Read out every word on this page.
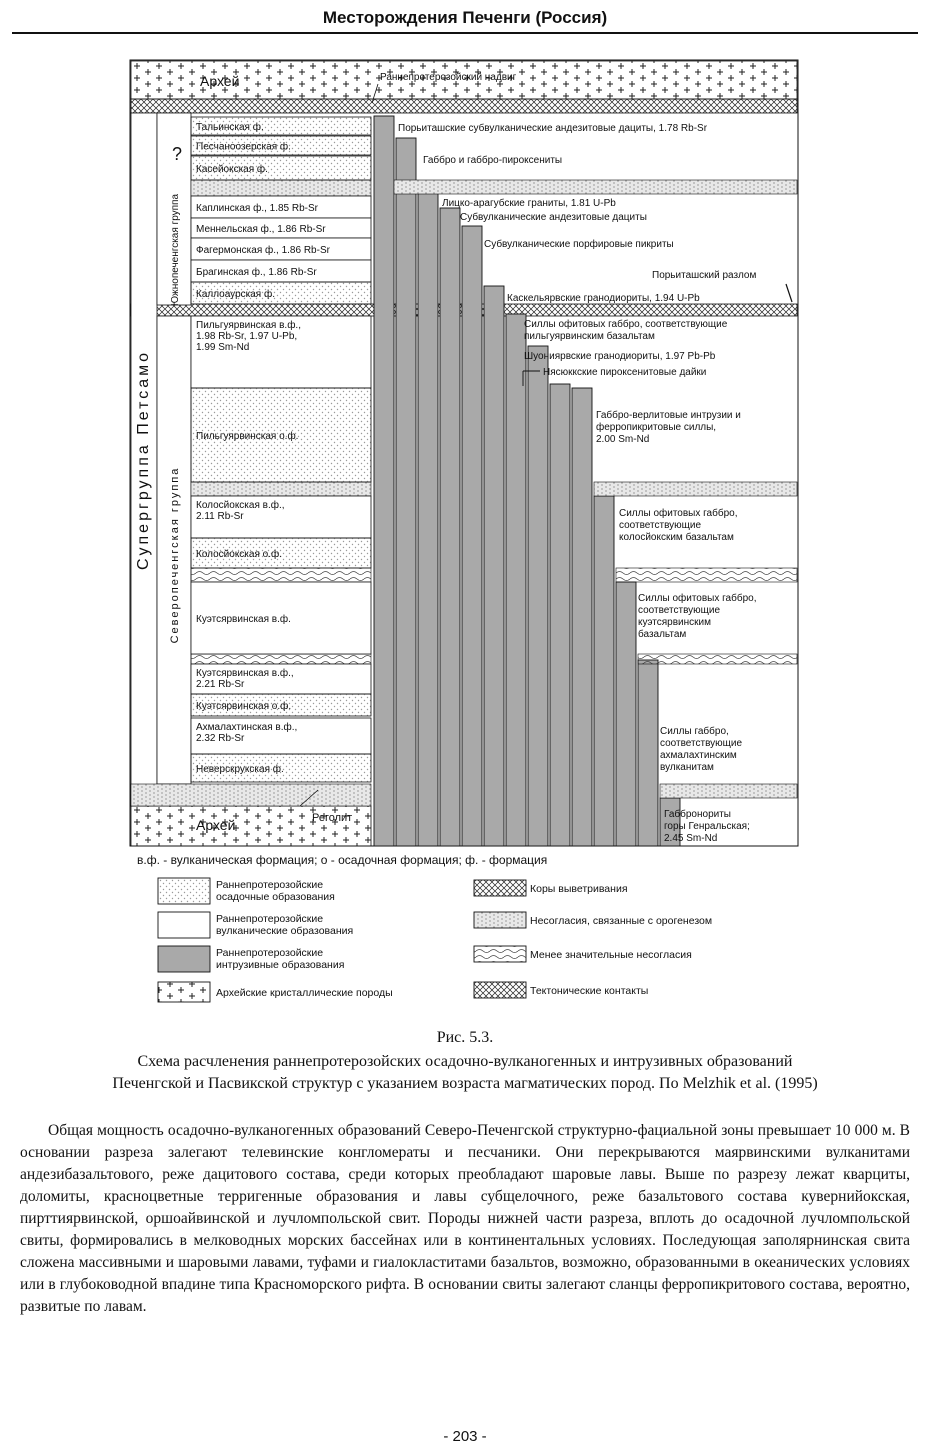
Месторождения Печенги (Россия)
Архей
Архей
Раннепротерозойский надвиг
Супергруппа Петсамо
Южнопеченгская группа
Северопеченгская группа
?
Тальинская ф.
Песчаноозерская ф.
Касейокская ф.
Каплинская ф., 1.85 Rb-Sr
Меннельская ф., 1.86 Rb-Sr
Фагермонская ф., 1.86 Rb-Sr
Брагинская ф., 1.86 Rb-Sr
Каллоаурская ф.
Пильгуярвинская в.ф.,
1.98 Rb-Sr, 1.97 U-Pb,
1.99 Sm-Nd
Пильгуярвинская о.ф.
Колосйокская в.ф.,
2.11 Rb-Sr
Колосйокская о.ф.
Куэтсярвинская в.ф.
Куэтсярвинская в.ф.,
2.21 Rb-Sr
Куэтсярвинская о.ф.
Ахмалахтинская в.ф.,
2.32 Rb-Sr
Неверскрукская ф.
Реголит
Порьиташские субвулканические андезитовые дациты, 1.78 Rb-Sr
Габбро и габбро-пироксениты
Лицко-арагубские граниты, 1.81 U-Pb
Субвулканические андезитовые дациты
Субвулканические порфировые пикриты
Порьиташский разлом
Каскельярвские гранодиориты, 1.94 U-Pb
Силлы офитовых габбро, соответствующие
пильгуярвинским базальтам
Шуониярвские гранодиориты, 1.97 Pb-Pb
Нясюккские пироксенитовые дайки
Габбро-верлитовые интрузии и
ферропикритовые силлы,
2.00 Sm-Nd
Силлы офитовых габбро,
соответствующие
колосйокским базальтам
Силлы офитовых габбро,
соответствующие
куэтсярвинским
базальтам
Силлы габбро,
соответствующие
ахмалахтинским
вулканитам
Габбронориты
горы Генральская;
2.45 Sm-Nd
в.ф. - вулканическая формация; о - осадочная формация; ф. - формация
Раннепротерозойские
осадочные образования
Раннепротерозойские
вулканические образования
Раннепротерозойские
интрузивные образования
Архейские кристаллические породы
Коры выветривания
Несогласия, связанные с орогенезом
Менее значительные несогласия
Тектонические контакты
Рис. 5.3.
Схема расчленения раннепротерозойских осадочно-вулканогенных и интрузивных образований
Печенгской и Пасвикской структур с указанием возраста магматических пород. По Melzhik et al. (1995)
Общая мощность осадочно-вулканогенных образований Северо-Печенгской структурно-фациальной зоны превышает 10 000 м. В основании разреза залегают телевинские конгломераты и песчаники. Они перекрываются маярвинскими вулканитами андезибазальтового, реже дацитового состава, среди которых преобладают шаровые лавы. Выше по разрезу лежат кварциты, доломиты, красноцветные терригенные образования и лавы субщелочного, реже базальтового состава кувернийокская, пирттиярвинской, оршоайвинской и лучломпольской свит. Породы нижней части разреза, вплоть до осадочной лучломпольской свиты, формировались в мелководных морских бассейнах или в континентальных условиях. Последующая заполярнинская свита сложена массивными и шаровыми лавами, туфами и гиалокластитами базальтов, возможно, образованными в океанических условиях или в глубоководной впадине типа Красноморского рифта. В основании свиты залегают сланцы ферропикритового состава, вероятно, развитые по лавам.
- 203 -
